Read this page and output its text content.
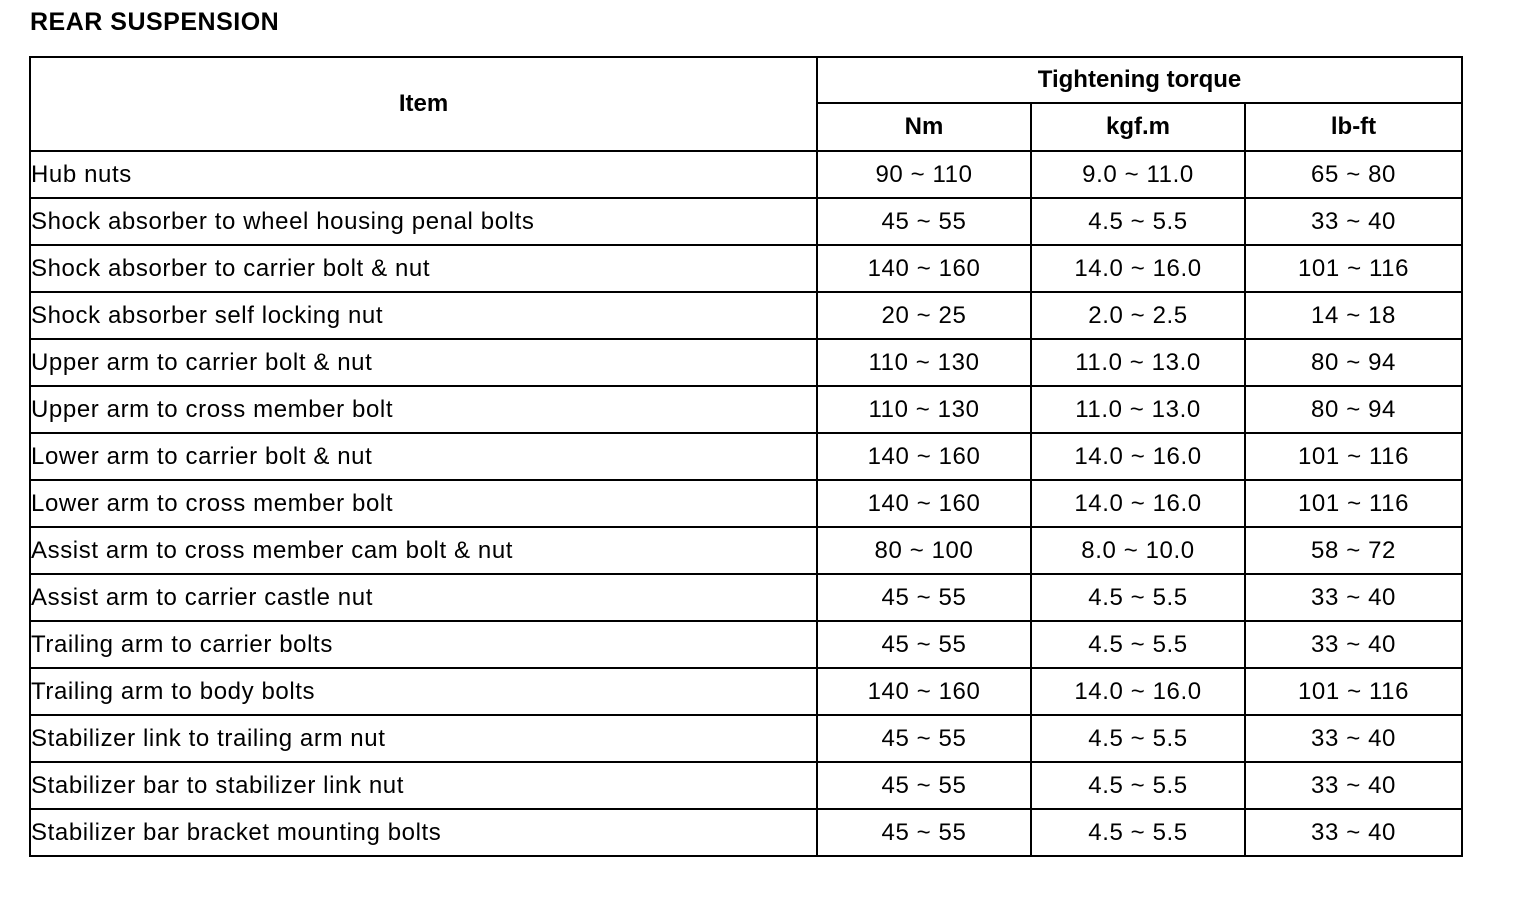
REAR SUSPENSION
Item	Tightening torque		
	Nm	kgf.m	lb-ft
Hub nuts	90 ~ 110	9.0 ~ 11.0	65 ~ 80
Shock absorber to wheel housing penal bolts	45 ~ 55	4.5 ~ 5.5	33 ~ 40
Shock absorber to carrier bolt & nut	140 ~ 160	14.0 ~ 16.0	101 ~ 116
Shock absorber self locking nut	20 ~ 25	2.0 ~ 2.5	14 ~ 18
Upper arm to carrier bolt & nut	110 ~ 130	11.0 ~ 13.0	80 ~ 94
Upper arm to cross member bolt	110 ~ 130	11.0 ~ 13.0	80 ~ 94
Lower arm to carrier bolt & nut	140 ~ 160	14.0 ~ 16.0	101 ~ 116
Lower arm to cross member bolt	140 ~ 160	14.0 ~ 16.0	101 ~ 116
Assist arm to cross member cam bolt & nut	80 ~ 100	8.0 ~ 10.0	58 ~ 72
Assist arm to carrier castle nut	45 ~ 55	4.5 ~ 5.5	33 ~ 40
Trailing arm to carrier bolts	45 ~ 55	4.5 ~ 5.5	33 ~ 40
Trailing arm to body bolts	140 ~ 160	14.0 ~ 16.0	101 ~ 116
Stabilizer link to trailing arm nut	45 ~ 55	4.5 ~ 5.5	33 ~ 40
Stabilizer bar to stabilizer link nut	45 ~ 55	4.5 ~ 5.5	33 ~ 40
Stabilizer bar bracket mounting bolts	45 ~ 55	4.5 ~ 5.5	33 ~ 40
